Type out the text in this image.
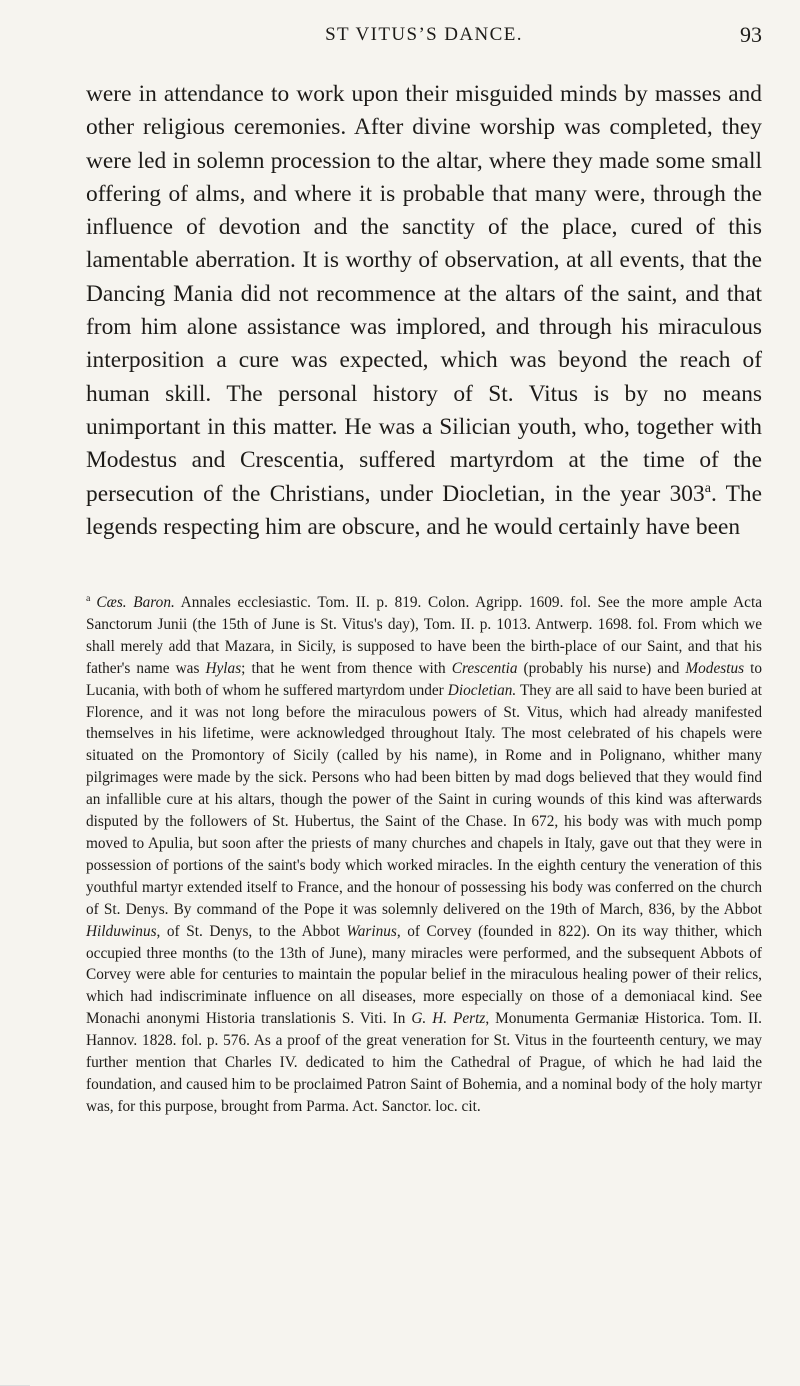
ST VITUS’S DANCE.	93

were in attendance to work upon their misguided minds by masses and other religious ceremonies. After divine worship was completed, they were led in solemn procession to the altar, where they made some small offering of alms, and where it is probable that many were, through the influence of devotion and the sanctity of the place, cured of this lamentable aberration. It is worthy of observation, at all events, that the Dancing Mania did not recommence at the altars of the saint, and that from him alone assistance was implored, and through his miraculous interposition a cure was expected, which was beyond the reach of human skill. The personal history of St. Vitus is by no means unimportant in this matter. He was a Silician youth, who, together with Modestus and Crescentia, suffered martyrdom at the time of the persecution of the Christians, under Diocletian, in the year 303$^a$. The legends respecting him are obscure, and he would certainly have been

$^a$ Cæs. Baron. Annales ecclesiastic. Tom. II. p. 819. Colon. Agripp. 1609. fol. See the more ample Acta Sanctorum Junii (the 15th of June is St. Vitus's day), Tom. II. p. 1013. Antwerp. 1698. fol. From which we shall merely add that Mazara, in Sicily, is supposed to have been the birth-place of our Saint, and that his father's name was Hylas; that he went from thence with Crescentia (probably his nurse) and Modestus to Lucania, with both of whom he suffered martyrdom under Diocletian. They are all said to have been buried at Florence, and it was not long before the miraculous powers of St. Vitus, which had already manifested themselves in his lifetime, were acknowledged throughout Italy. The most celebrated of his chapels were situated on the Promontory of Sicily (called by his name), in Rome and in Polignano, whither many pilgrimages were made by the sick. Persons who had been bitten by mad dogs believed that they would find an infallible cure at his altars, though the power of the Saint in curing wounds of this kind was afterwards disputed by the followers of St. Hubertus, the Saint of the Chase. In 672, his body was with much pomp moved to Apulia, but soon after the priests of many churches and chapels in Italy, gave out that they were in possession of portions of the saint's body which worked miracles. In the eighth century the veneration of this youthful martyr extended itself to France, and the honour of possessing his body was conferred on the church of St. Denys. By command of the Pope it was solemnly delivered on the 19th of March, 836, by the Abbot Hilduwinus, of St. Denys, to the Abbot Warinus, of Corvey (founded in 822). On its way thither, which occupied three months (to the 13th of June), many miracles were performed, and the subsequent Abbots of Corvey were able for centuries to maintain the popular belief in the miraculous healing power of their relics, which had indiscriminate influence on all diseases, more especially on those of a demoniacal kind. See Monachi anonymi Historia translationis S. Viti. In G. H. Pertz, Monumenta Germaniæ Historica. Tom. II. Hannov. 1828. fol. p. 576. As a proof of the great veneration for St. Vitus in the fourteenth century, we may further mention that Charles IV. dedicated to him the Cathedral of Prague, of which he had laid the foundation, and caused him to be proclaimed Patron Saint of Bohemia, and a nominal body of the holy martyr was, for this purpose, brought from Parma. Act. Sanctor. loc. cit.
